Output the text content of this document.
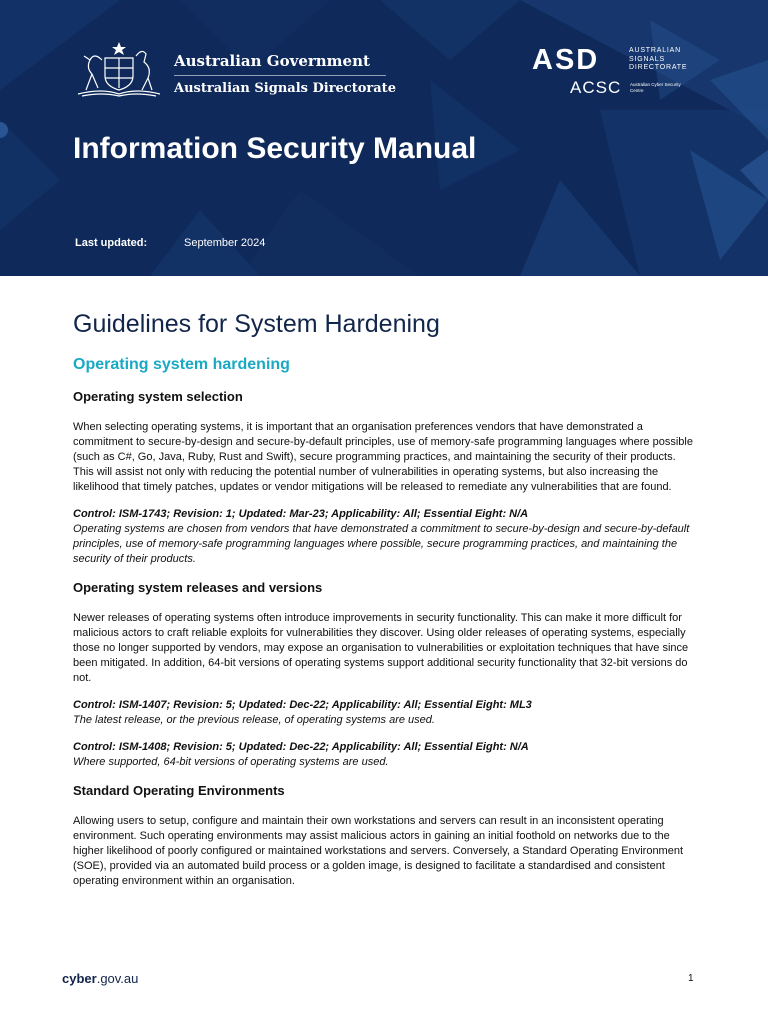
Australian Government
Australian Signals Directorate
ASD	AUSTRALIAN SIGNALS DIRECTORATE
ACSC Australian Cyber Security Centre
Information Security Manual
Last updated:	September 2024
Guidelines for System Hardening
Operating system hardening
Operating system selection

When selecting operating systems, it is important that an organisation preferences vendors that have demonstrated a commitment to secure-by-design and secure-by-default principles, use of memory-safe programming languages where possible (such as C#, Go, Java, Ruby, Rust and Swift), secure programming practices, and maintaining the security of their products. This will assist not only with reducing the potential number of vulnerabilities in operating systems, but also increasing the likelihood that timely patches, updates or vendor mitigations will be released to remediate any vulnerabilities that are found.

Control: ISM-1743; Revision: 1; Updated: Mar-23; Applicability: All; Essential Eight: N/A
Operating systems are chosen from vendors that have demonstrated a commitment to secure-by-design and secure-by-default principles, use of memory-safe programming languages where possible, secure programming practices, and maintaining the security of their products.
Operating system releases and versions

Newer releases of operating systems often introduce improvements in security functionality. This can make it more difficult for malicious actors to craft reliable exploits for vulnerabilities they discover. Using older releases of operating systems, especially those no longer supported by vendors, may expose an organisation to vulnerabilities or exploitation techniques that have since been mitigated. In addition, 64-bit versions of operating systems support additional security functionality that 32-bit versions do not.

Control: ISM-1407; Revision: 5; Updated: Dec-22; Applicability: All; Essential Eight: ML3
The latest release, or the previous release, of operating systems are used.
Control: ISM-1408; Revision: 5; Updated: Dec-22; Applicability: All; Essential Eight: N/A
Where supported, 64-bit versions of operating systems are used.
Standard Operating Environments

Allowing users to setup, configure and maintain their own workstations and servers can result in an inconsistent operating environment. Such operating environments may assist malicious actors in gaining an initial foothold on networks due to the higher likelihood of poorly configured or maintained workstations and servers. Conversely, a Standard Operating Environment (SOE), provided via an automated build process or a golden image, is designed to facilitate a standardised and consistent operating environment within an organisation.

cyber.gov.au	1
